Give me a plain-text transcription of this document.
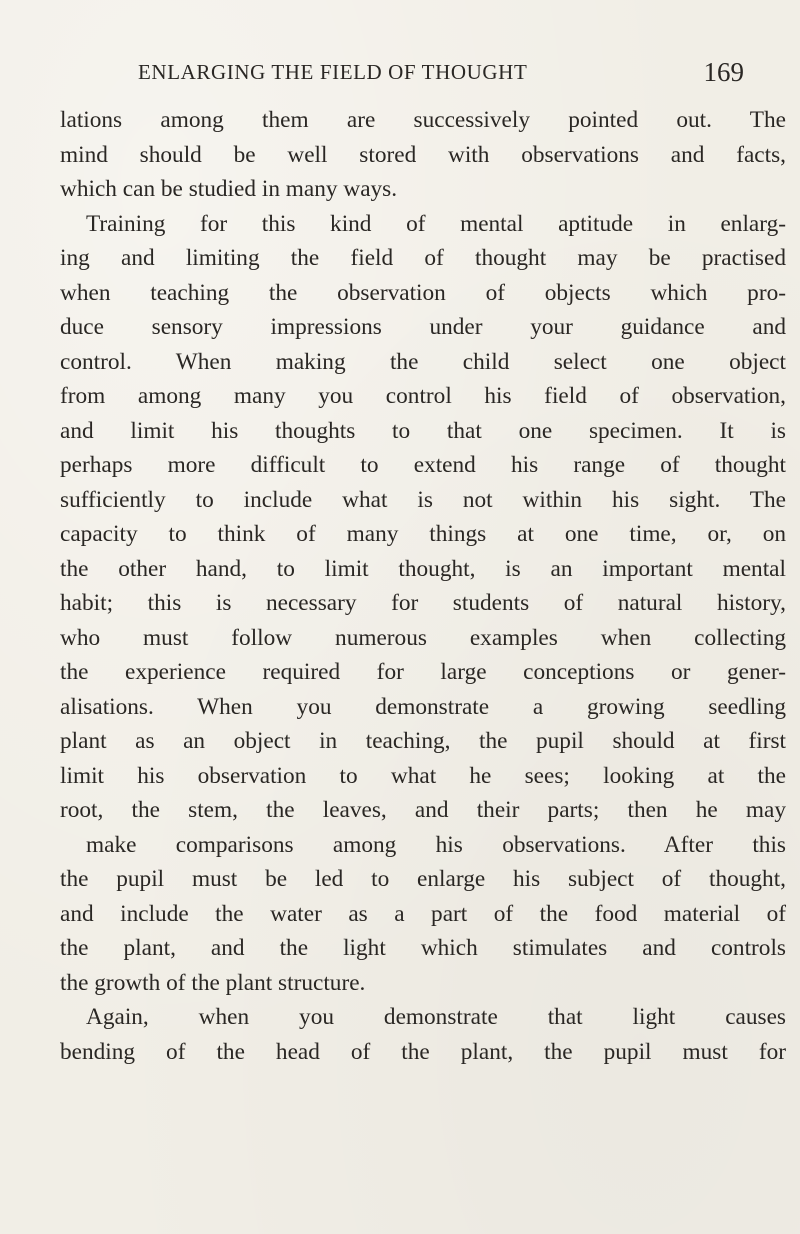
ENLARGING THE FIELD OF THOUGHT	169
lations among them are successively pointed out. The
mind should be well stored with observations and facts,
which can be studied in many ways.
Training for this kind of mental aptitude in enlarg-
ing and limiting the field of thought may be practised
when teaching the observation of objects which pro-
duce sensory impressions under your guidance and
control. When making the child select one object
from among many you control his field of observation,
and limit his thoughts to that one specimen. It is
perhaps more difficult to extend his range of thought
sufficiently to include what is not within his sight. The
capacity to think of many things at one time, or, on
the other hand, to limit thought, is an important mental
habit; this is necessary for students of natural history,
who must follow numerous examples when collecting
the experience required for large conceptions or gener-
alisations. When you demonstrate a growing seedling
plant as an object in teaching, the pupil should at first
limit his observation to what he sees; looking at the
root, the stem, the leaves, and their parts; then he may
make comparisons among his observations. After this
the pupil must be led to enlarge his subject of thought,
and include the water as a part of the food material of
the plant, and the light which stimulates and controls
the growth of the plant structure.
Again, when you demonstrate that light causes
bending of the head of the plant, the pupil must for
